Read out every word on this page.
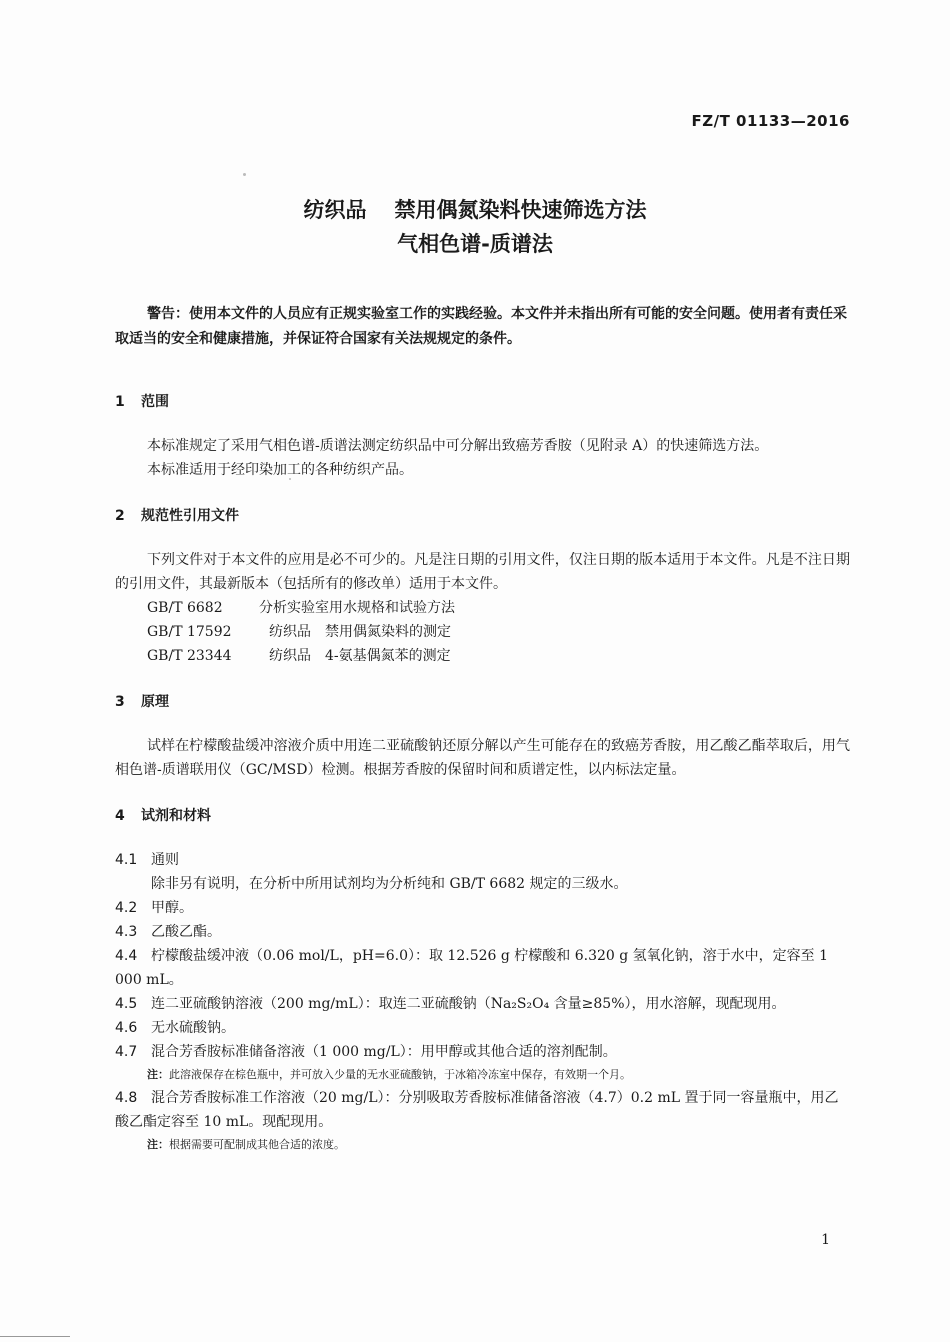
FZ/T 01133—2016
纺织品 禁用偶氮染料快速筛选方法
气相色谱-质谱法

警告：使用本文件的人员应有正规实验室工作的实践经验。本文件并未指出所有可能的安全问题。使用者有责任采取适当的安全和健康措施，并保证符合国家有关法规规定的条件。

1 范围

本标准规定了采用气相色谱-质谱法测定纺织品中可分解出致癌芳香胺（见附录 A）的快速筛选方法。

本标准适用于经印染加工的各种纺织产品。

2 规范性引用文件

下列文件对于本文件的应用是必不可少的。凡是注日期的引用文件，仅注日期的版本适用于本文件。凡是不注日期的引用文件，其最新版本（包括所有的修改单）适用于本文件。

GB/T 6682	分析实验室用水规格和试验方法

GB/T 17592	纺织品　禁用偶氮染料的测定

GB/T 23344	纺织品　4-氨基偶氮苯的测定

3 原理

试样在柠檬酸盐缓冲溶液介质中用连二亚硫酸钠还原分解以产生可能存在的致癌芳香胺，用乙酸乙酯萃取后，用气相色谱-质谱联用仪（GC/MSD）检测。根据芳香胺的保留时间和质谱定性，以内标法定量。

4 试剂和材料

4.1 通则

除非另有说明，在分析中所用试剂均为分析纯和 GB/T 6682 规定的三级水。

4.2 甲醇。

4.3 乙酸乙酯。

4.4 柠檬酸盐缓冲液（0.06 mol/L，pH=6.0）：取 12.526 g 柠檬酸和 6.320 g 氢氧化钠，溶于水中，定容至 1 000 mL。

4.5 连二亚硫酸钠溶液（200 mg/mL）：取连二亚硫酸钠（Na₂S₂O₄ 含量≥85%），用水溶解，现配现用。

4.6 无水硫酸钠。

4.7 混合芳香胺标准储备溶液（1 000 mg/L）：用甲醇或其他合适的溶剂配制。

注：此溶液保存在棕色瓶中，并可放入少量的无水亚硫酸钠，于冰箱冷冻室中保存，有效期一个月。

4.8 混合芳香胺标准工作溶液（20 mg/L）：分别吸取芳香胺标准储备溶液（4.7）0.2 mL 置于同一容量瓶中，用乙酸乙酯定容至 10 mL。现配现用。

注：根据需要可配制成其他合适的浓度。

1
